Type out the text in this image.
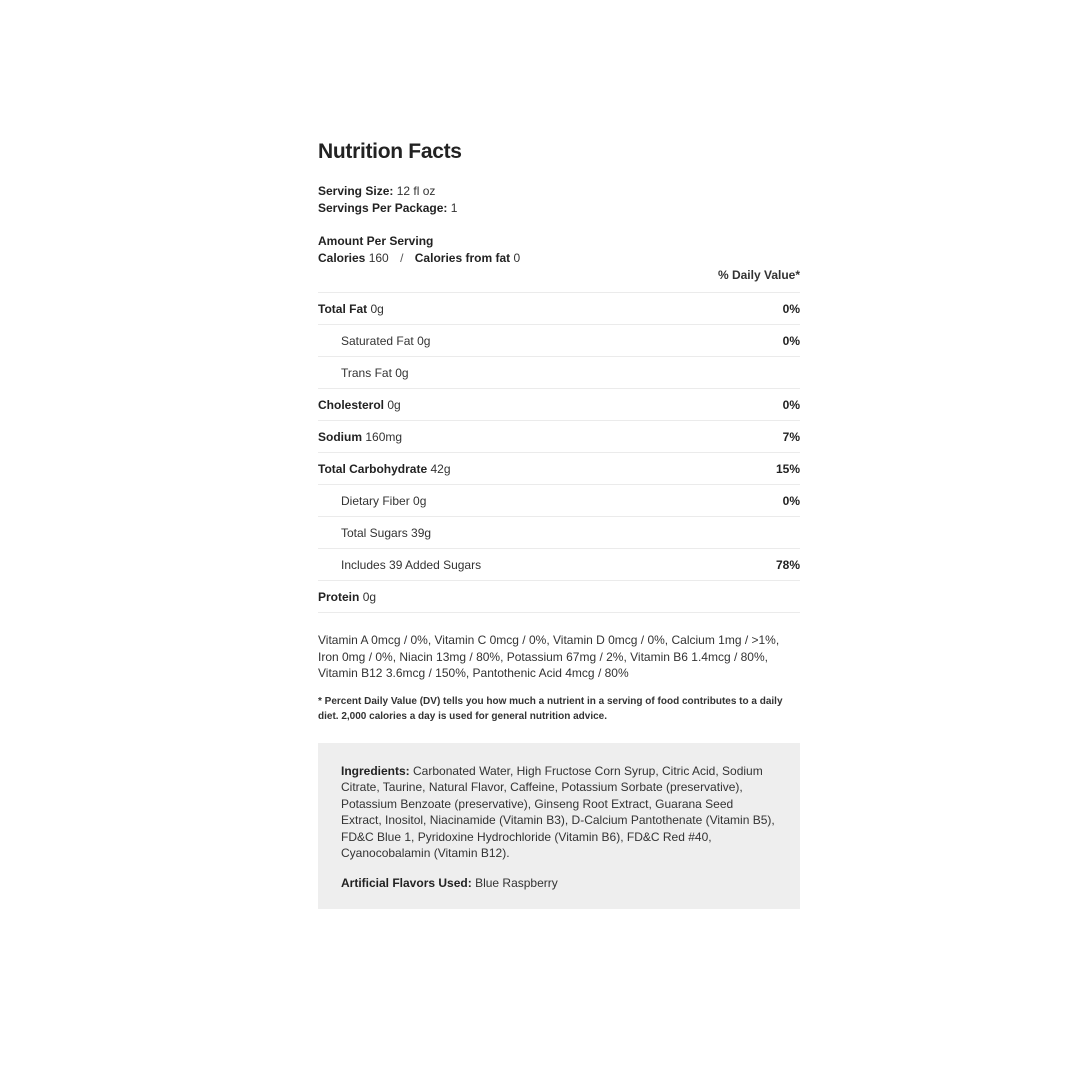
Nutrition Facts
Serving Size: 12 fl oz
Servings Per Package: 1
Amount Per Serving
Calories 160 / Calories from fat 0
% Daily Value*
Total Fat 0g	0%
Saturated Fat 0g	0%
Trans Fat 0g
Cholesterol 0g	0%
Sodium 160mg	7%
Total Carbohydrate 42g	15%
Dietary Fiber 0g	0%
Total Sugars 39g
Includes 39 Added Sugars	78%
Protein 0g
Vitamin A 0mcg / 0%, Vitamin C 0mcg / 0%, Vitamin D 0mcg / 0%, Calcium 1mg / >1%, Iron 0mg / 0%, Niacin 13mg / 80%, Potassium 67mg / 2%, Vitamin B6 1.4mcg / 80%, Vitamin B12 3.6mcg / 150%, Pantothenic Acid 4mcg / 80%
* Percent Daily Value (DV) tells you how much a nutrient in a serving of food contributes to a daily diet. 2,000 calories a day is used for general nutrition advice.
Ingredients: Carbonated Water, High Fructose Corn Syrup, Citric Acid, Sodium Citrate, Taurine, Natural Flavor, Caffeine, Potassium Sorbate (preservative), Potassium Benzoate (preservative), Ginseng Root Extract, Guarana Seed Extract, Inositol, Niacinamide (Vitamin B3), D-Calcium Pantothenate (Vitamin B5), FD&C Blue 1, Pyridoxine Hydrochloride (Vitamin B6), FD&C Red #40, Cyanocobalamin (Vitamin B12).
Artificial Flavors Used: Blue Raspberry
